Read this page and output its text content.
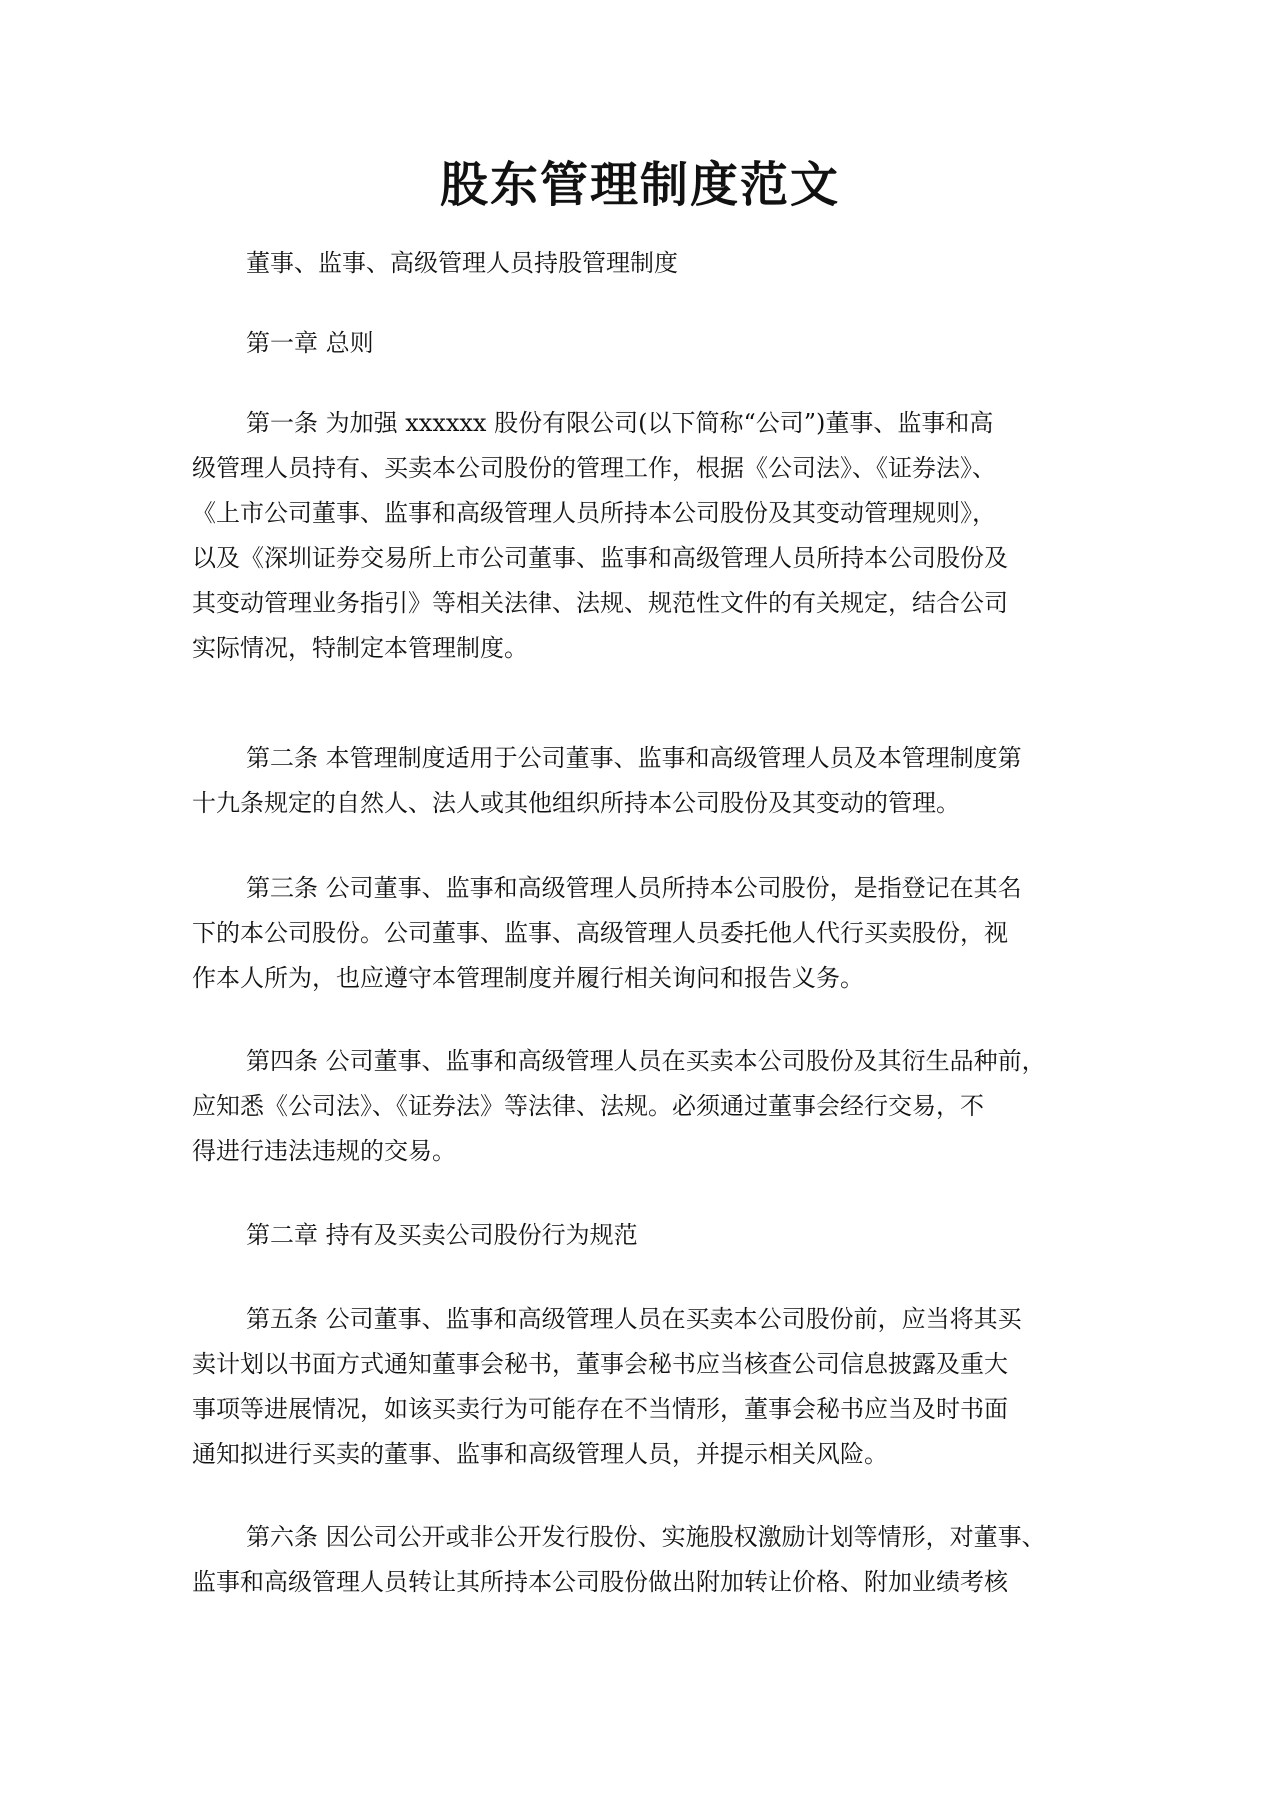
股东管理制度范文
董事、监事、高级管理人员持股管理制度
第一章 总则
第一条 为加强 xxxxxx 股份有限公司(以下简称“公司”)董事、监事和高
级管理人员持有、买卖本公司股份的管理工作，根据《公司法》、《证券法》、
《上市公司董事、监事和高级管理人员所持本公司股份及其变动管理规则》，
以及《深圳证券交易所上市公司董事、监事和高级管理人员所持本公司股份及
其变动管理业务指引》等相关法律、法规、规范性文件的有关规定，结合公司
实际情况，特制定本管理制度。
第二条 本管理制度适用于公司董事、监事和高级管理人员及本管理制度第
十九条规定的自然人、法人或其他组织所持本公司股份及其变动的管理。
第三条 公司董事、监事和高级管理人员所持本公司股份，是指登记在其名
下的本公司股份。公司董事、监事、高级管理人员委托他人代行买卖股份，视
作本人所为，也应遵守本管理制度并履行相关询问和报告义务。
第四条 公司董事、监事和高级管理人员在买卖本公司股份及其衍生品种前，
应知悉《公司法》、《证券法》等法律、法规。必须通过董事会经行交易，不
得进行违法违规的交易。
第二章 持有及买卖公司股份行为规范
第五条 公司董事、监事和高级管理人员在买卖本公司股份前，应当将其买
卖计划以书面方式通知董事会秘书，董事会秘书应当核查公司信息披露及重大
事项等进展情况，如该买卖行为可能存在不当情形，董事会秘书应当及时书面
通知拟进行买卖的董事、监事和高级管理人员，并提示相关风险。
第六条 因公司公开或非公开发行股份、实施股权激励计划等情形，对董事、
监事和高级管理人员转让其所持本公司股份做出附加转让价格、附加业绩考核
